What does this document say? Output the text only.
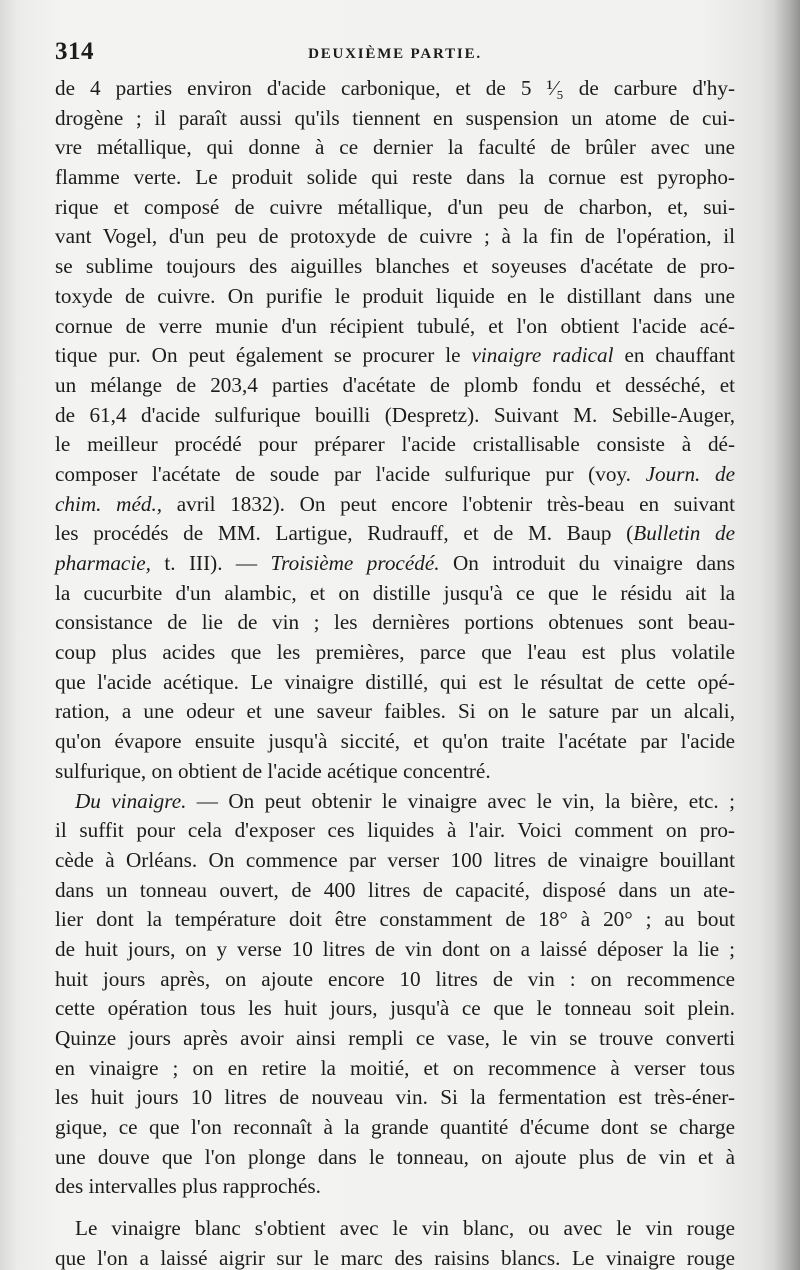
314	DEUXIÈME PARTIE.
de 4 parties environ d'acide carbonique, et de 5 ¹⁄₅ de carbure d'hy-
drogène ; il paraît aussi qu'ils tiennent en suspension un atome de cui-
vre métallique, qui donne à ce dernier la faculté de brûler avec une
flamme verte. Le produit solide qui reste dans la cornue est pyropho-
rique et composé de cuivre métallique, d'un peu de charbon, et, sui-
vant Vogel, d'un peu de protoxyde de cuivre ; à la fin de l'opération, il
se sublime toujours des aiguilles blanches et soyeuses d'acétate de pro-
toxyde de cuivre. On purifie le produit liquide en le distillant dans une
cornue de verre munie d'un récipient tubulé, et l'on obtient l'acide acé-
tique pur. On peut également se procurer le vinaigre radical en chauffant
un mélange de 203,4 parties d'acétate de plomb fondu et desséché, et
de 61,4 d'acide sulfurique bouilli (Despretz). Suivant M. Sebille-Auger,
le meilleur procédé pour préparer l'acide cristallisable consiste à dé-
composer l'acétate de soude par l'acide sulfurique pur (voy. Journ. de
chim. méd., avril 1832). On peut encore l'obtenir très-beau en suivant
les procédés de MM. Lartigue, Rudrauff, et de M. Baup (Bulletin de
pharmacie, t. III). — Troisième procédé. On introduit du vinaigre dans
la cucurbite d'un alambic, et on distille jusqu'à ce que le résidu ait la
consistance de lie de vin ; les dernières portions obtenues sont beau-
coup plus acides que les premières, parce que l'eau est plus volatile
que l'acide acétique. Le vinaigre distillé, qui est le résultat de cette opé-
ration, a une odeur et une saveur faibles. Si on le sature par un alcali,
qu'on évapore ensuite jusqu'à siccité, et qu'on traite l'acétate par l'acide
sulfurique, on obtient de l'acide acétique concentré.
Du vinaigre. — On peut obtenir le vinaigre avec le vin, la bière, etc. ;
il suffit pour cela d'exposer ces liquides à l'air. Voici comment on pro-
cède à Orléans. On commence par verser 100 litres de vinaigre bouillant
dans un tonneau ouvert, de 400 litres de capacité, disposé dans un ate-
lier dont la température doit être constamment de 18° à 20° ; au bout
de huit jours, on y verse 10 litres de vin dont on a laissé déposer la lie ;
huit jours après, on ajoute encore 10 litres de vin : on recommence
cette opération tous les huit jours, jusqu'à ce que le tonneau soit plein.
Quinze jours après avoir ainsi rempli ce vase, le vin se trouve converti
en vinaigre ; on en retire la moitié, et on recommence à verser tous
les huit jours 10 litres de nouveau vin. Si la fermentation est très-éner-
gique, ce que l'on reconnaît à la grande quantité d'écume dont se charge
une douve que l'on plonge dans le tonneau, on ajoute plus de vin et à
des intervalles plus rapprochés.
Le vinaigre blanc s'obtient avec le vin blanc, ou avec le vin rouge
que l'on a laissé aigrir sur le marc des raisins blancs. Le vinaigre rouge
